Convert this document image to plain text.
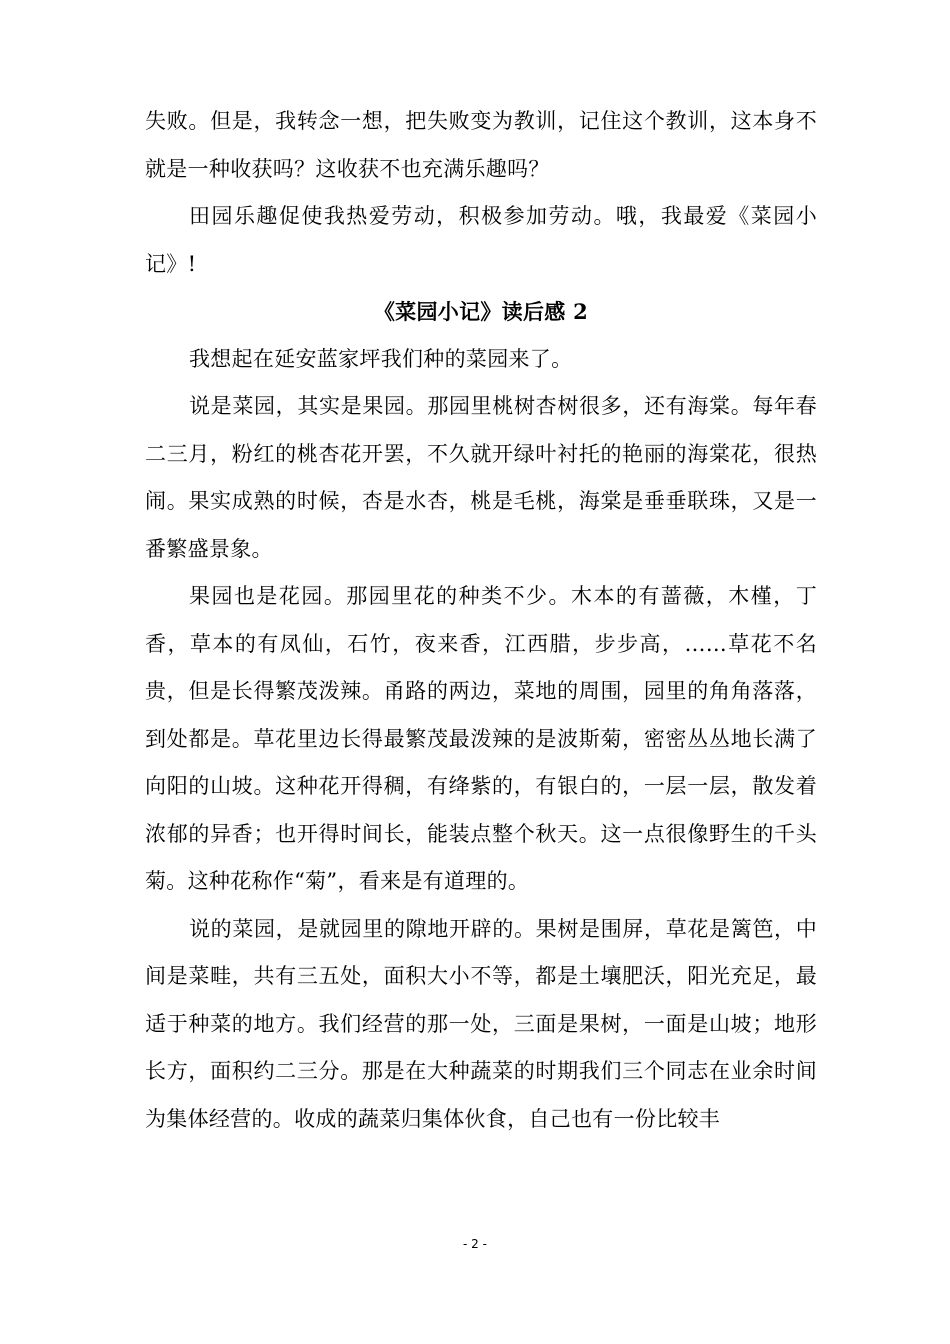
失败。但是，我转念一想，把失败变为教训，记住这个教训，这本身不就是一种收获吗？这收获不也充满乐趣吗？

田园乐趣促使我热爱劳动，积极参加劳动。哦，我最爱《菜园小记》!

《菜园小记》读后感 2

我想起在延安蓝家坪我们种的菜园来了。

说是菜园，其实是果园。那园里桃树杏树很多，还有海棠。每年春二三月，粉红的桃杏花开罢，不久就开绿叶衬托的艳丽的海棠花，很热闹。果实成熟的时候，杏是水杏，桃是毛桃，海棠是垂垂联珠，又是一番繁盛景象。

果园也是花园。那园里花的种类不少。木本的有蔷薇，木槿，丁香，草本的有凤仙，石竹，夜来香，江西腊，步步高，……草花不名贵，但是长得繁茂泼辣。甬路的两边，菜地的周围，园里的角角落落，到处都是。草花里边长得最繁茂最泼辣的是波斯菊，密密丛丛地长满了向阳的山坡。这种花开得稠，有绛紫的，有银白的，一层一层，散发着浓郁的异香；也开得时间长，能装点整个秋天。这一点很像野生的千头菊。这种花称作“菊”，看来是有道理的。

说的菜园，是就园里的隙地开辟的。果树是围屏，草花是篱笆，中间是菜畦，共有三五处，面积大小不等，都是土壤肥沃，阳光充足，最适于种菜的地方。我们经营的那一处，三面是果树，一面是山坡；地形长方，面积约二三分。那是在大种蔬菜的时期我们三个同志在业余时间为集体经营的。收成的蔬菜归集体伙食，自己也有一份比较丰

- 2 -
